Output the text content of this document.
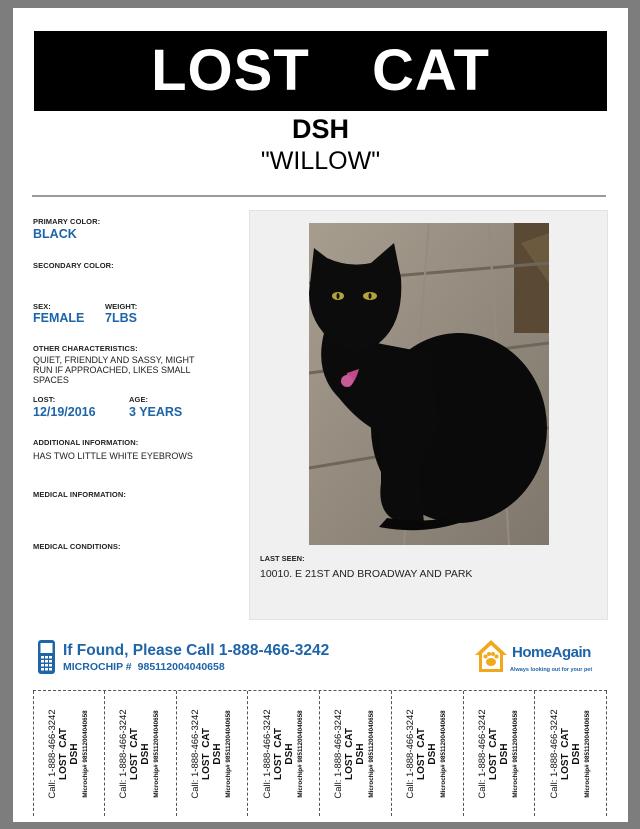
LOST  CAT
DSH
"WILLOW"
PRIMARY COLOR:
BLACK
SECONDARY COLOR:
SEX:
FEMALE
WEIGHT:
7LBS
OTHER CHARACTERISTICS:
QUIET, FRIENDLY AND SASSY, MIGHT RUN IF APPROACHED, LIKES SMALL SPACES
LOST:
12/19/2016
AGE:
3 YEARS
ADDITIONAL INFORMATION:
HAS TWO LITTLE WHITE EYEBROWS
MEDICAL INFORMATION:
MEDICAL CONDITIONS:
LAST SEEN:
10010. E 21ST AND BROADWAY AND PARK
If Found, Please Call 1-888-466-3242
MICROCHIP # 985112004040658
HomeAgain
Always looking out for your pet
Call: 1-888-466-3242 LOST  CAT DSH Microchip# 985112004040658	Call: 1-888-466-3242 LOST  CAT DSH Microchip# 985112004040658	Call: 1-888-466-3242 LOST  CAT DSH Microchip# 985112004040658	Call: 1-888-466-3242 LOST  CAT DSH Microchip# 985112004040658	Call: 1-888-466-3242 LOST  CAT DSH Microchip# 985112004040658	Call: 1-888-466-3242 LOST  CAT DSH Microchip# 985112004040658	Call: 1-888-466-3242 LOST  CAT DSH Microchip# 985112004040658	Call: 1-888-466-3242 LOST  CAT DSH Microchip# 985112004040658
